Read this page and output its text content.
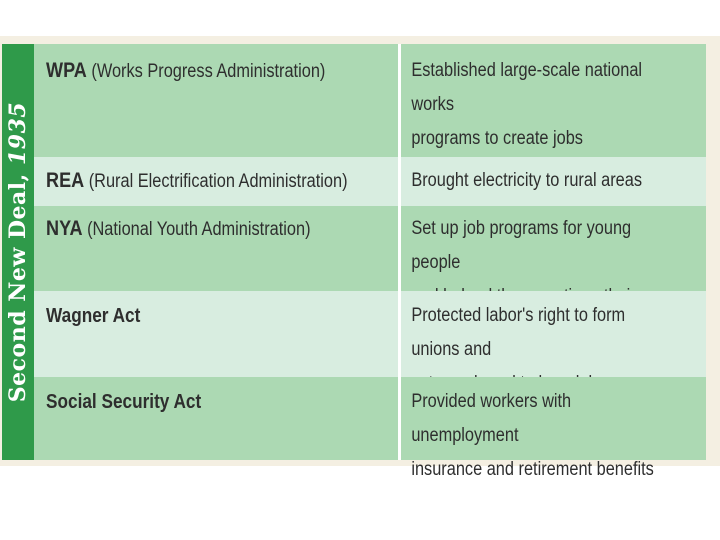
Second New Deal, 1935
WPA (Works Progress Administration)	Established large-scale national works
programs to create jobs
REA (Rural Electrification Administration)	Brought electricity to rural areas
NYA (National Youth Administration)	Set up job programs for young people

Wagner Act	Protected labor's right to form unions and

Social Security Act	Provided workers with unemployment
insurance and retirement benefits
